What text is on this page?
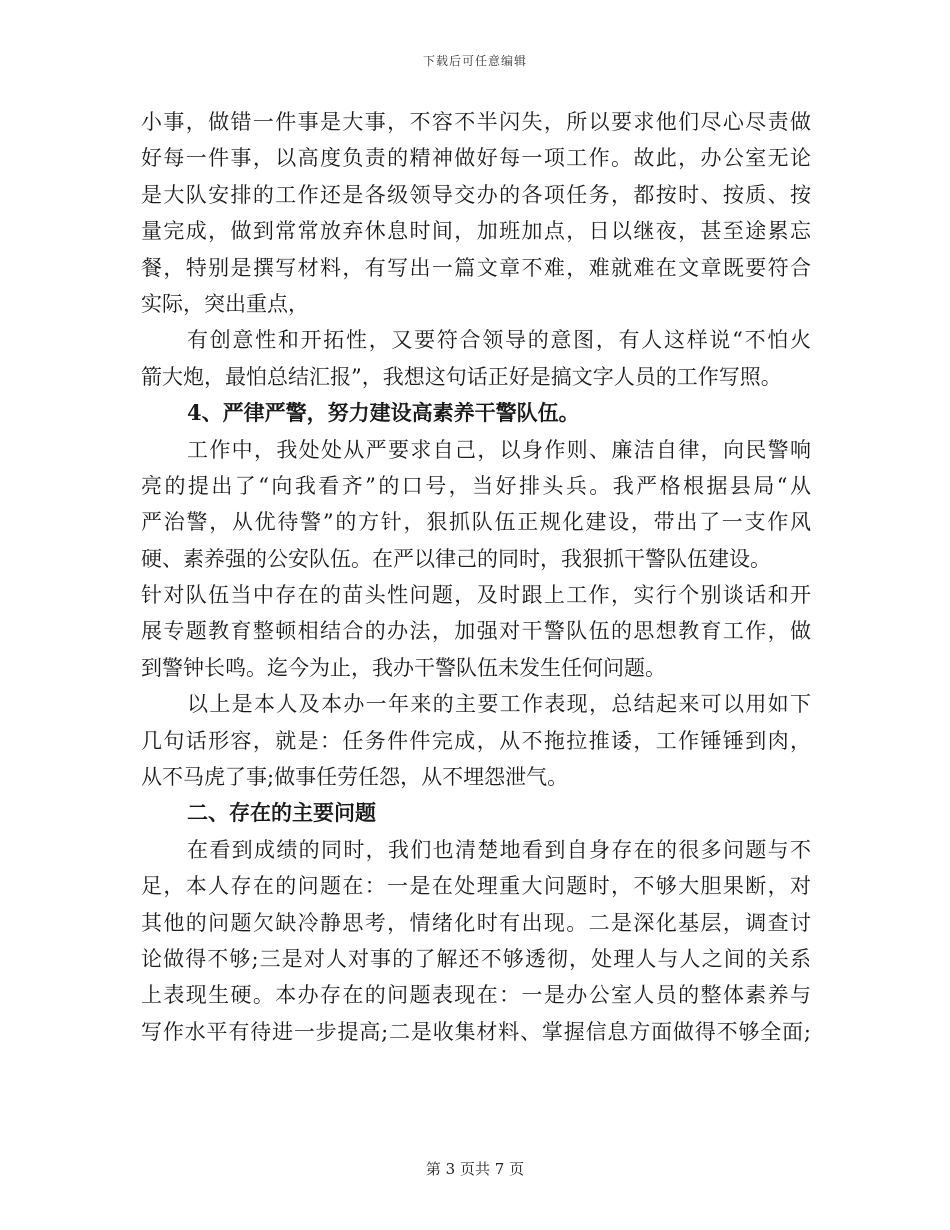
下载后可任意编辑
小事，做错一件事是大事，不容不半闪失，所以要求他们尽心尽责做
好每一件事，以高度负责的精神做好每一项工作。故此，办公室无论
是大队安排的工作还是各级领导交办的各项任务，都按时、按质、按
量完成，做到常常放弃休息时间，加班加点，日以继夜，甚至途累忘
餐，特别是撰写材料，有写出一篇文章不难，难就难在文章既要符合
实际，突出重点，
有创意性和开拓性，又要符合领导的意图，有人这样说“不怕火
箭大炮，最怕总结汇报”，我想这句话正好是搞文字人员的工作写照。
4、严律严警，努力建设高素养干警队伍。
工作中，我处处从严要求自己，以身作则、廉洁自律，向民警响
亮的提出了“向我看齐”的口号，当好排头兵。我严格根据县局“从
严治警，从优待警”的方针，狠抓队伍正规化建设，带出了一支作风
硬、素养强的公安队伍。在严以律己的同时，我狠抓干警队伍建设。
针对队伍当中存在的苗头性问题，及时跟上工作，实行个别谈话和开
展专题教育整顿相结合的办法，加强对干警队伍的思想教育工作，做
到警钟长鸣。迄今为止，我办干警队伍未发生任何问题。
以上是本人及本办一年来的主要工作表现，总结起来可以用如下
几句话形容，就是：任务件件完成，从不拖拉推诿，工作锤锤到肉，
从不马虎了事;做事任劳任怨，从不埋怨泄气。
二、存在的主要问题
在看到成绩的同时，我们也清楚地看到自身存在的很多问题与不
足，本人存在的问题在：一是在处理重大问题时，不够大胆果断，对
其他的问题欠缺冷静思考，情绪化时有出现。二是深化基层，调查讨
论做得不够;三是对人对事的了解还不够透彻，处理人与人之间的关系
上表现生硬。本办存在的问题表现在：一是办公室人员的整体素养与
写作水平有待进一步提高;二是收集材料、掌握信息方面做得不够全面;
第 3 页共 7 页
